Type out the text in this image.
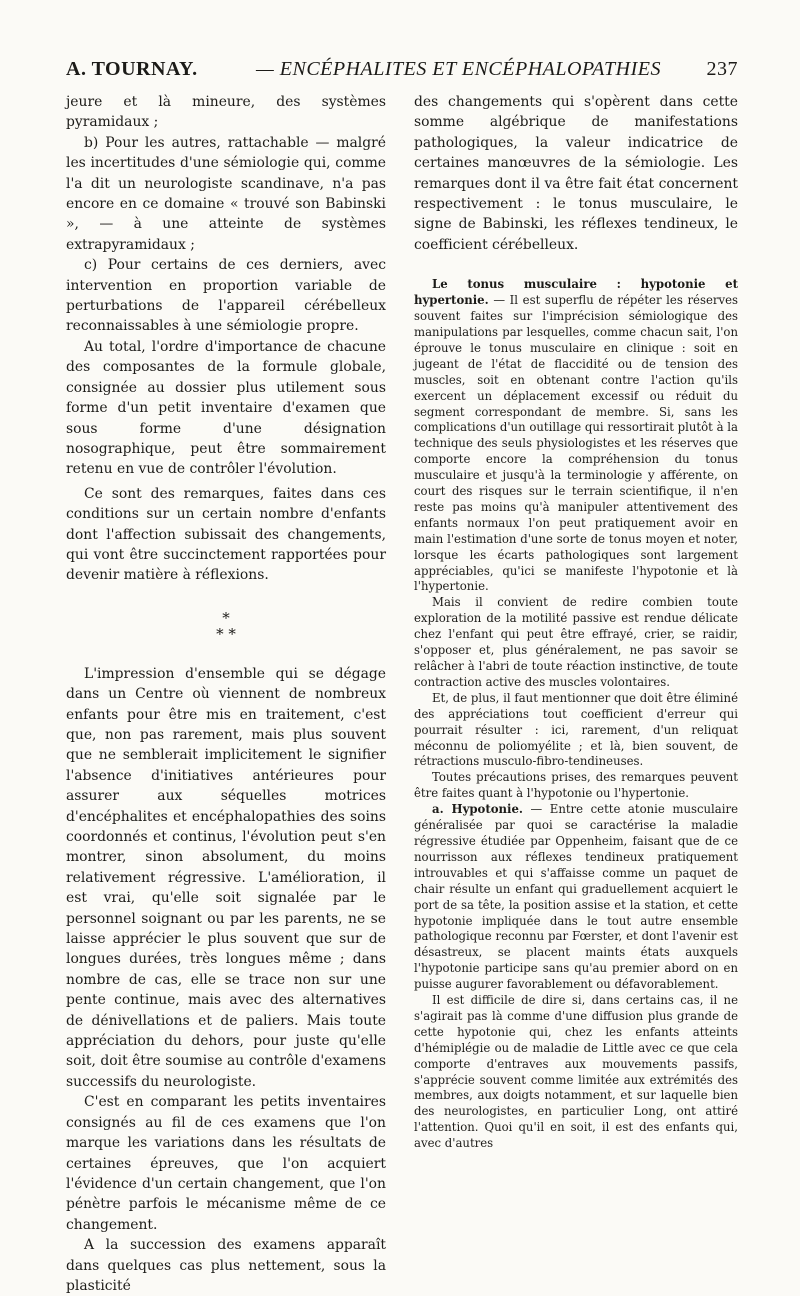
A. TOURNAY.	— ENCÉPHALITES ET ENCÉPHALOPATHIES 237

jeure et là mineure, des systèmes pyramidaux ;

b) Pour les autres, rattachable — malgré les incertitudes d'une sémiologie qui, comme l'a dit un neurologiste scandinave, n'a pas encore en ce domaine « trouvé son Babinski », — à une atteinte de systèmes extrapyramidaux ;

c) Pour certains de ces derniers, avec intervention en proportion variable de perturbations de l'appareil cérébelleux reconnaissables à une sémiologie propre.

Au total, l'ordre d'importance de chacune des composantes de la formule globale, consignée au dossier plus utilement sous forme d'un petit inventaire d'examen que sous forme d'une désignation nosographique, peut être sommairement retenu en vue de contrôler l'évolution.

Ce sont des remarques, faites dans ces conditions sur un certain nombre d'enfants dont l'affection subissait des changements, qui vont être succinctement rapportées pour devenir matière à réflexions.

*
* *

L'impression d'ensemble qui se dégage dans un Centre où viennent de nombreux enfants pour être mis en traitement, c'est que, non pas rarement, mais plus souvent que ne semblerait implicitement le signifier l'absence d'initiatives antérieures pour assurer aux séquelles motrices d'encéphalites et encéphalopathies des soins coordonnés et continus, l'évolution peut s'en montrer, sinon absolument, du moins relativement régressive. L'amélioration, il est vrai, qu'elle soit signalée par le personnel soignant ou par les parents, ne se laisse apprécier le plus souvent que sur de longues durées, très longues même ; dans nombre de cas, elle se trace non sur une pente continue, mais avec des alternatives de dénivellations et de paliers. Mais toute appréciation du dehors, pour juste qu'elle soit, doit être soumise au contrôle d'examens successifs du neurologiste.

C'est en comparant les petits inventaires consignés au fil de ces examens que l'on marque les variations dans les résultats de certaines épreuves, que l'on acquiert l'évidence d'un certain changement, que l'on pénètre parfois le mécanisme même de ce changement.

A la succession des examens apparaît dans quelques cas plus nettement, sous la plasticité

des changements qui s'opèrent dans cette somme algébrique de manifestations pathologiques, la valeur indicatrice de certaines manœuvres de la sémiologie. Les remarques dont il va être fait état concernent respectivement : le tonus musculaire, le signe de Babinski, les réflexes tendineux, le coefficient cérébelleux.

Le tonus musculaire : hypotonie et hypertonie. — Il est superflu de répéter les réserves souvent faites sur l'imprécision sémiologique des manipulations par lesquelles, comme chacun sait, l'on éprouve le tonus musculaire en clinique : soit en jugeant de l'état de flaccidité ou de tension des muscles, soit en obtenant contre l'action qu'ils exercent un déplacement excessif ou réduit du segment correspondant de membre. Si, sans les complications d'un outillage qui ressortirait plutôt à la technique des seuls physiologistes et les réserves que comporte encore la compréhension du tonus musculaire et jusqu'à la terminologie y afférente, on court des risques sur le terrain scientifique, il n'en reste pas moins qu'à manipuler attentivement des enfants normaux l'on peut pratiquement avoir en main l'estimation d'une sorte de tonus moyen et noter, lorsque les écarts pathologiques sont largement appréciables, qu'ici se manifeste l'hypotonie et là l'hypertonie.

Mais il convient de redire combien toute exploration de la motilité passive est rendue délicate chez l'enfant qui peut être effrayé, crier, se raidir, s'opposer et, plus généralement, ne pas savoir se relâcher à l'abri de toute réaction instinctive, de toute contraction active des muscles volontaires.

Et, de plus, il faut mentionner que doit être éliminé des appréciations tout coefficient d'erreur qui pourrait résulter : ici, rarement, d'un reliquat méconnu de poliomyélite ; et là, bien souvent, de rétractions musculo-fibro-tendineuses.

Toutes précautions prises, des remarques peuvent être faites quant à l'hypotonie ou l'hypertonie.

a. Hypotonie. — Entre cette atonie musculaire généralisée par quoi se caractérise la maladie régressive étudiée par Oppenheim, faisant que de ce nourrisson aux réflexes tendineux pratiquement introuvables et qui s'affaisse comme un paquet de chair résulte un enfant qui graduellement acquiert le port de sa tête, la position assise et la station, et cette hypotonie impliquée dans le tout autre ensemble pathologique reconnu par Fœrster, et dont l'avenir est désastreux, se placent maints états auxquels l'hypotonie participe sans qu'au premier abord on en puisse augurer favorablement ou défavorablement.

Il est difficile de dire si, dans certains cas, il ne s'agirait pas là comme d'une diffusion plus grande de cette hypotonie qui, chez les enfants atteints d'hémiplégie ou de maladie de Little avec ce que cela comporte d'entraves aux mouvements passifs, s'apprécie souvent comme limitée aux extrémités des membres, aux doigts notamment, et sur laquelle bien des neurologistes, en particulier Long, ont attiré l'attention. Quoi qu'il en soit, il est des enfants qui, avec d'autres
